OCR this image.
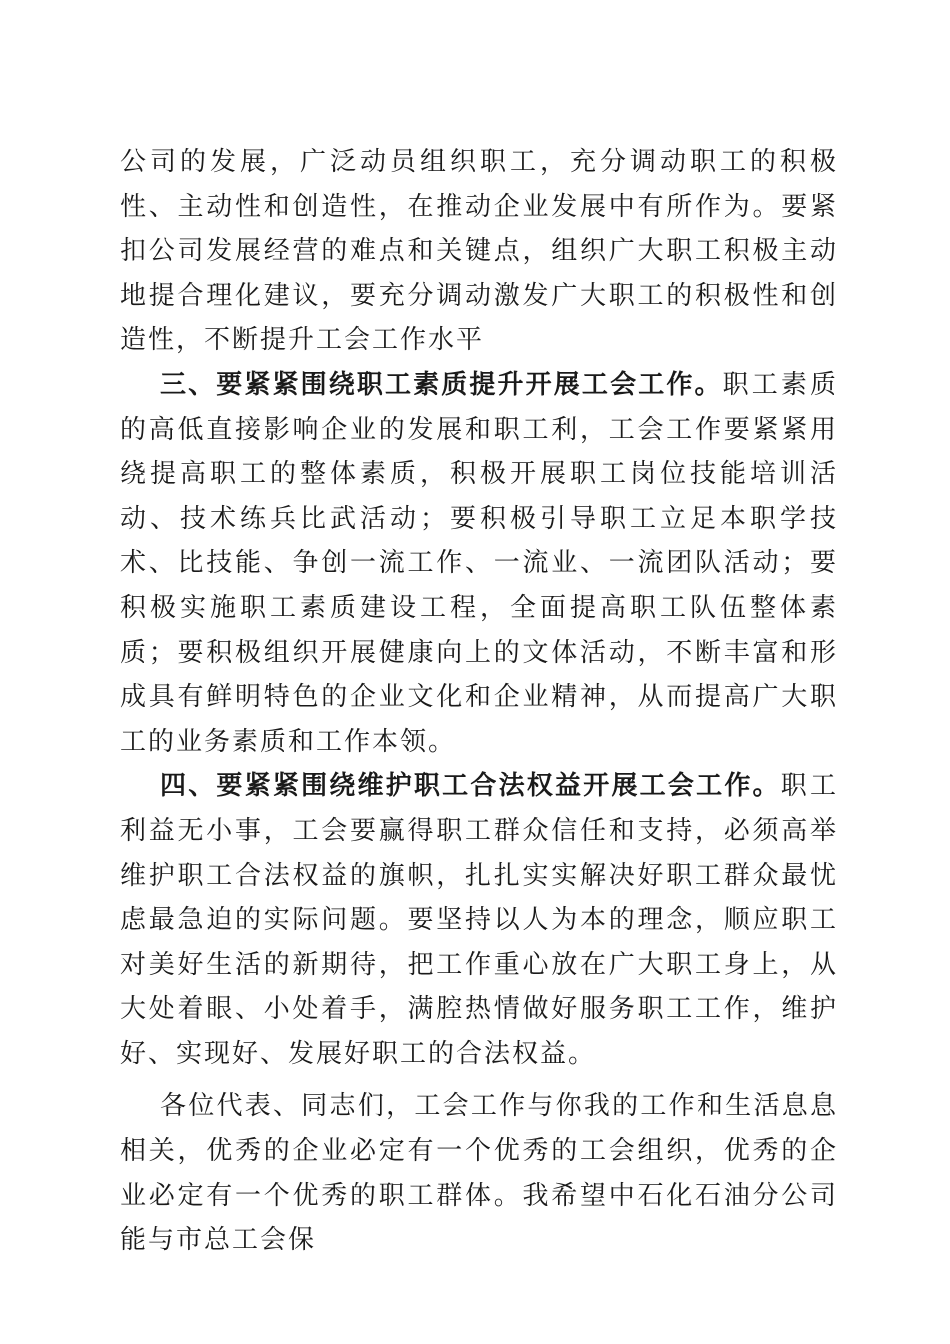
公司的发展，广泛动员组织职工，充分调动职工的积极性、主动性和创造性，在推动企业发展中有所作为。要紧扣公司发展经营的难点和关键点，组织广大职工积极主动地提合理化建议，要充分调动激发广大职工的积极性和创造性，不断提升工会工作水平

三、要紧紧围绕职工素质提升开展工会工作。职工素质的高低直接影响企业的发展和职工利，工会工作要紧紧用绕提高职工的整体素质，积极开展职工岗位技能培训活动、技术练兵比武活动；要积极引导职工立足本职学技术、比技能、争创一流工作、一流业、一流团队活动；要积极实施职工素质建设工程，全面提高职工队伍整体素质；要积极组织开展健康向上的文体活动，不断丰富和形成具有鲜明特色的企业文化和企业精神，从而提高广大职工的业务素质和工作本领。

四、要紧紧围绕维护职工合法权益开展工会工作。职工利益无小事，工会要赢得职工群众信任和支持，必须高举维护职工合法权益的旗帜，扎扎实实解决好职工群众最忧虑最急迫的实际问题。要坚持以人为本的理念，顺应职工对美好生活的新期待，把工作重心放在广大职工身上，从大处着眼、小处着手，满腔热情做好服务职工工作，维护好、实现好、发展好职工的合法权益。

各位代表、同志们，工会工作与你我的工作和生活息息相关，优秀的企业必定有一个优秀的工会组织，优秀的企业必定有一个优秀的职工群体。我希望中石化石油分公司能与市总工会保
